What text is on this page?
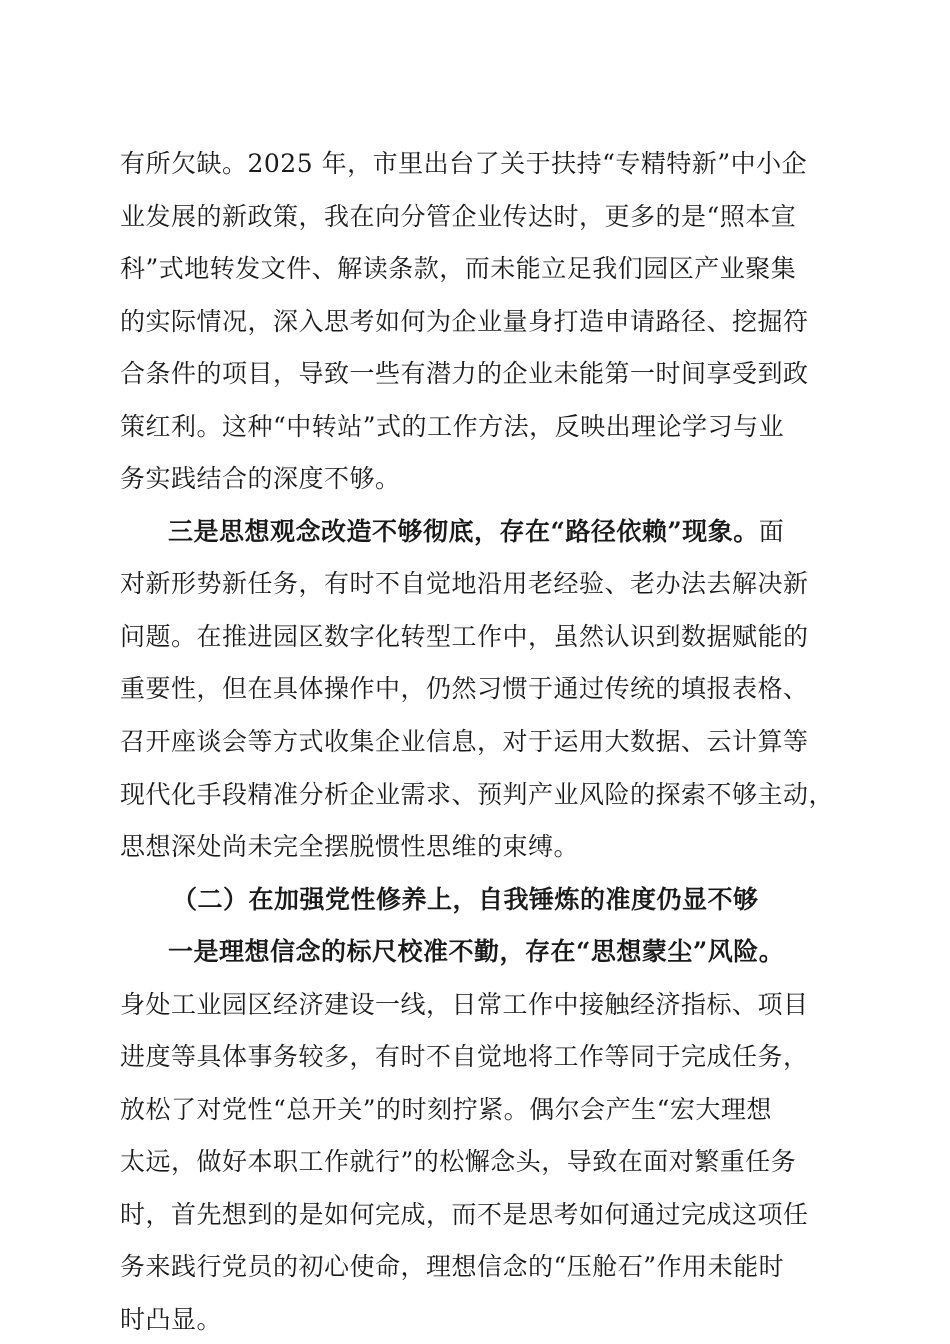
有所欠缺。2025 年，市里出台了关于扶持“专精特新”中小企
业发展的新政策，我在向分管企业传达时，更多的是“照本宣
科”式地转发文件、解读条款，而未能立足我们园区产业聚集
的实际情况，深入思考如何为企业量身打造申请路径、挖掘符
合条件的项目，导致一些有潜力的企业未能第一时间享受到政
策红利。这种“中转站”式的工作方法，反映出理论学习与业
务实践结合的深度不够。
三是思想观念改造不够彻底，存在“路径依赖”现象。面
对新形势新任务，有时不自觉地沿用老经验、老办法去解决新
问题。在推进园区数字化转型工作中，虽然认识到数据赋能的
重要性，但在具体操作中，仍然习惯于通过传统的填报表格、
召开座谈会等方式收集企业信息，对于运用大数据、云计算等
现代化手段精准分析企业需求、预判产业风险的探索不够主动，
思想深处尚未完全摆脱惯性思维的束缚。
（二）在加强党性修养上，自我锤炼的准度仍显不够
一是理想信念的标尺校准不勤，存在“思想蒙尘”风险。
身处工业园区经济建设一线，日常工作中接触经济指标、项目
进度等具体事务较多，有时不自觉地将工作等同于完成任务，
放松了对党性“总开关”的时刻拧紧。偶尔会产生“宏大理想
太远，做好本职工作就行”的松懈念头，导致在面对繁重任务
时，首先想到的是如何完成，而不是思考如何通过完成这项任
务来践行党员的初心使命，理想信念的“压舱石”作用未能时
时凸显。
